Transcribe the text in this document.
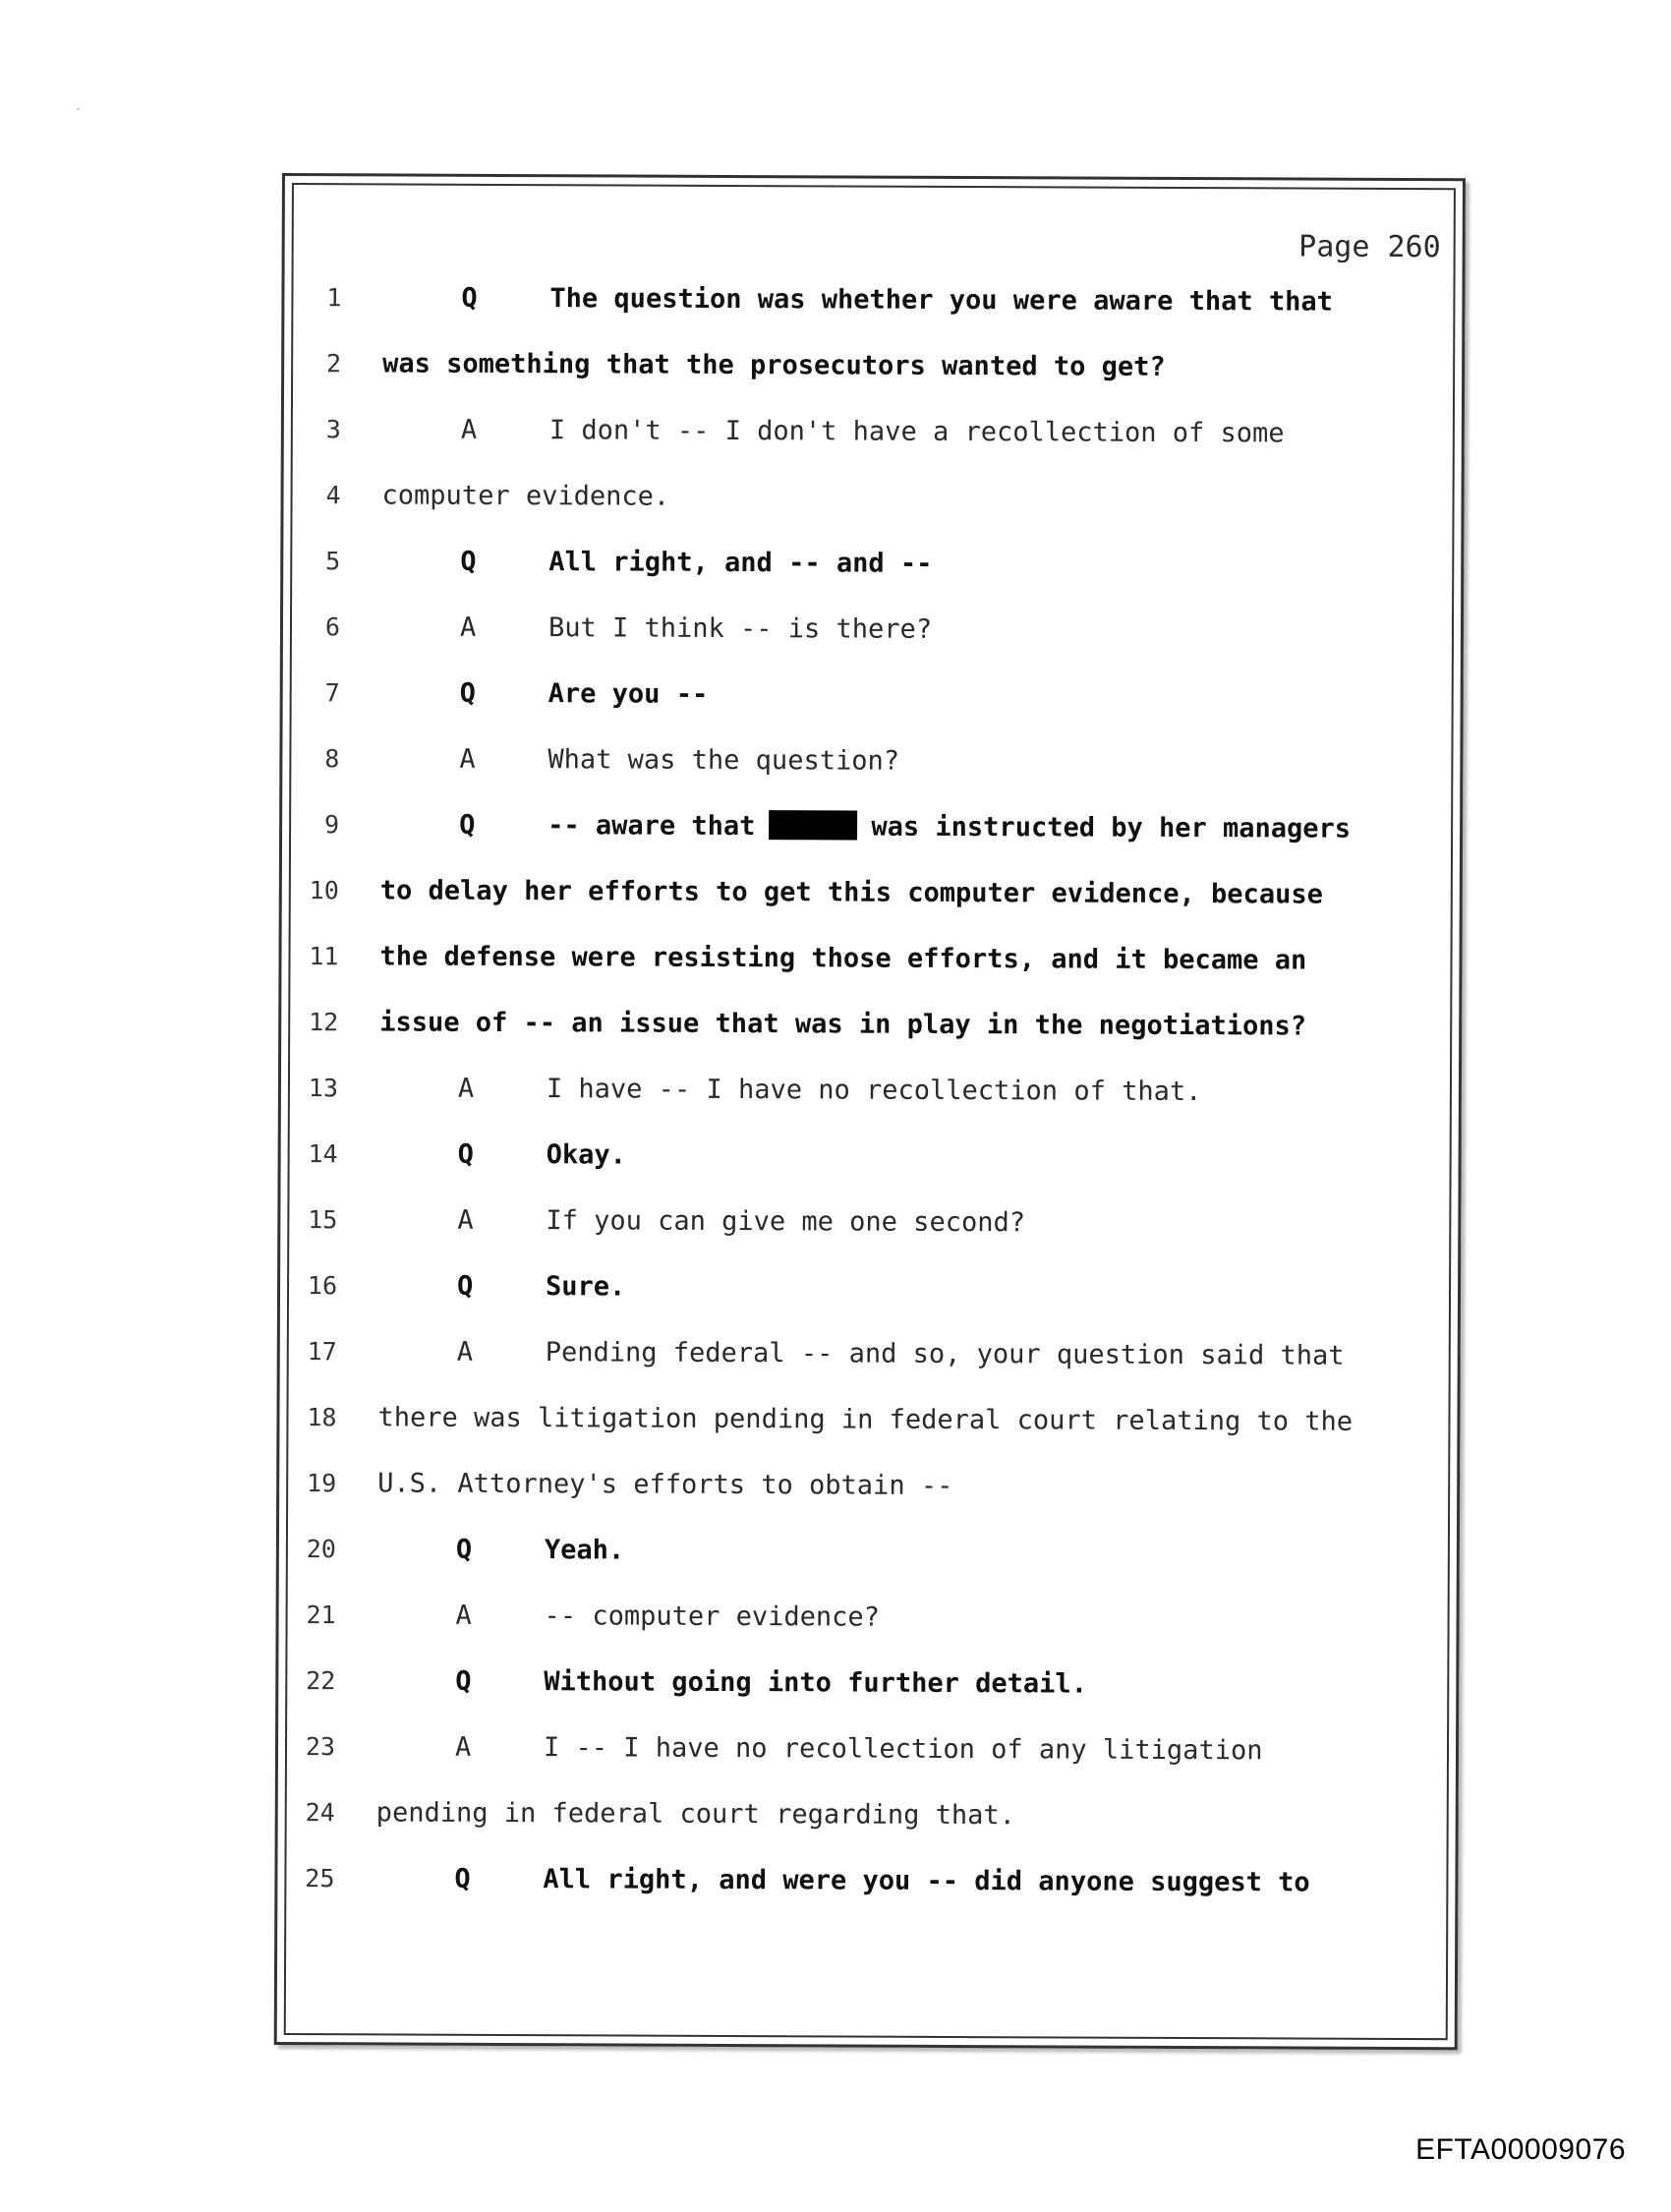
Page 260
1	Q	The question was whether you were aware that that
2 was something that the prosecutors wanted to get?
3	A	I don't -- I don't have a recollection of some
4 computer evidence.
5	Q	All right, and -- and --
6	A	But I think -- is there?
7	Q	Are you --
8	A	What was the question?
9	Q	-- aware that	was instructed by her managers
10 to delay her efforts to get this computer evidence, because
11 the defense were resisting those efforts, and it became an
12 issue of -- an issue that was in play in the negotiations?
13	A	I have -- I have no recollection of that.
14	Q	Okay.
15	A	If you can give me one second?
16	Q	Sure.
17	A	Pending federal -- and so, your question said that
18 there was litigation pending in federal court relating to the
19 U.S. Attorney's efforts to obtain --
20	Q	Yeah.
21	A	-- computer evidence?
22	Q	Without going into further detail.
23	A	I -- I have no recollection of any litigation
24 pending in federal court regarding that.
25	Q	All right, and were you -- did anyone suggest to
EFTA00009076
